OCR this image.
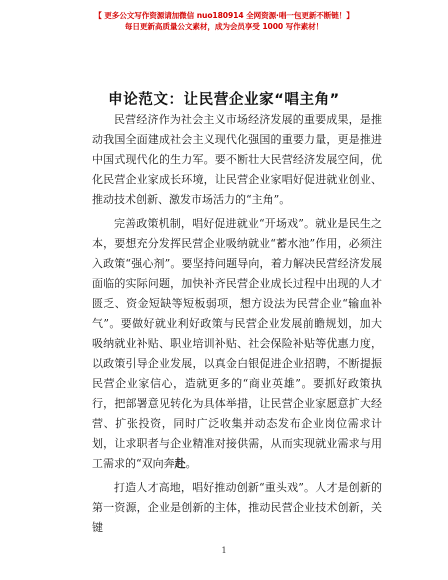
【 更多公文写作资源请加微信 nuo180914 全网资源·唱一包更新不断链！】
每日更新高质量公文素材，成为会员享受 1000 写作素材！
申论范文：让民营企业家“唱主角”

民营经济作为社会主义市场经济发展的重要成果，是推动我国全面建成社会主义现代化强国的重要力量，更是推进中国式现代化的生力军。要不断壮大民营经济发展空间，优化民营企业家成长环境，让民营企业家唱好促进就业创业、推动技术创新、激发市场活力的“主角”。

完善政策机制，唱好促进就业“开场戏”。就业是民生之本，要想充分发挥民营企业吸纳就业“蓄水池”作用，必须注入政策“强心剂”。要坚持问题导向，着力解决民营经济发展面临的实际问题，加快补齐民营企业成长过程中出现的人才匮乏、资金短缺等短板弱项，想方设法为民营企业“输血补气”。要做好就业利好政策与民营企业发展前瞻规划，加大吸纳就业补贴、职业培训补贴、社会保险补贴等优惠力度，以政策引导企业发展，以真金白银促进企业招聘，不断提振民营企业家信心，造就更多的“商业英雄”。要抓好政策执行，把部署意见转化为具体举措，让民营企业家愿意扩大经营、扩张投资，同时广泛收集并动态发布企业岗位需求计划，让求职者与企业精准对接供需，从而实现就业需求与用工需求的“双向奔赴。

打造人才高地，唱好推动创新“重头戏”。人才是创新的第一资源，企业是创新的主体，推动民营企业技术创新，关键

1
